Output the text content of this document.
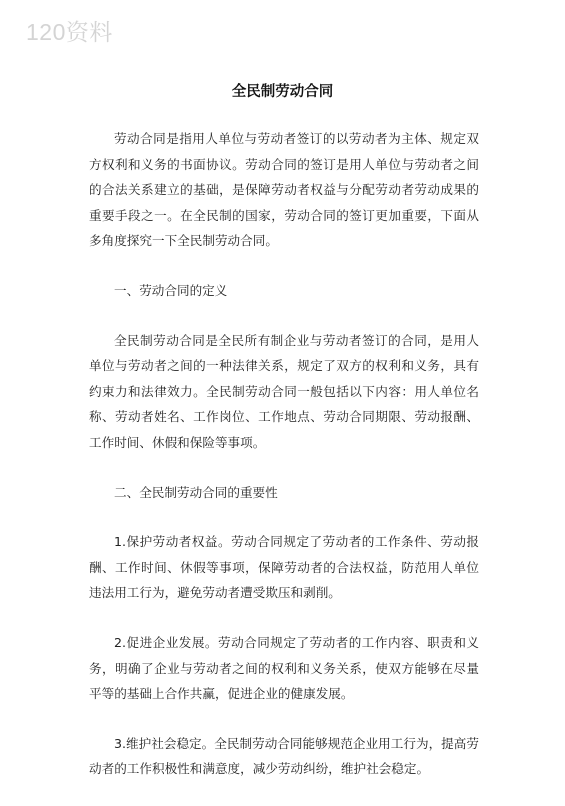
120资料
全民制劳动合同

劳动合同是指用人单位与劳动者签订的以劳动者为主体、规定双方权利和义务的书面协议。劳动合同的签订是用人单位与劳动者之间的合法关系建立的基础，是保障劳动者权益与分配劳动者劳动成果的重要手段之一。在全民制的国家，劳动合同的签订更加重要，下面从多角度探究一下全民制劳动合同。

一、劳动合同的定义

全民制劳动合同是全民所有制企业与劳动者签订的合同，是用人单位与劳动者之间的一种法律关系，规定了双方的权利和义务，具有约束力和法律效力。全民制劳动合同一般包括以下内容：用人单位名称、劳动者姓名、工作岗位、工作地点、劳动合同期限、劳动报酬、工作时间、休假和保险等事项。

二、全民制劳动合同的重要性

1.保护劳动者权益。劳动合同规定了劳动者的工作条件、劳动报酬、工作时间、休假等事项，保障劳动者的合法权益，防范用人单位违法用工行为，避免劳动者遭受欺压和剥削。

2.促进企业发展。劳动合同规定了劳动者的工作内容、职责和义务，明确了企业与劳动者之间的权利和义务关系，使双方能够在尽量平等的基础上合作共赢，促进企业的健康发展。

3.维护社会稳定。全民制劳动合同能够规范企业用工行为，提高劳动者的工作积极性和满意度，减少劳动纠纷，维护社会稳定。
